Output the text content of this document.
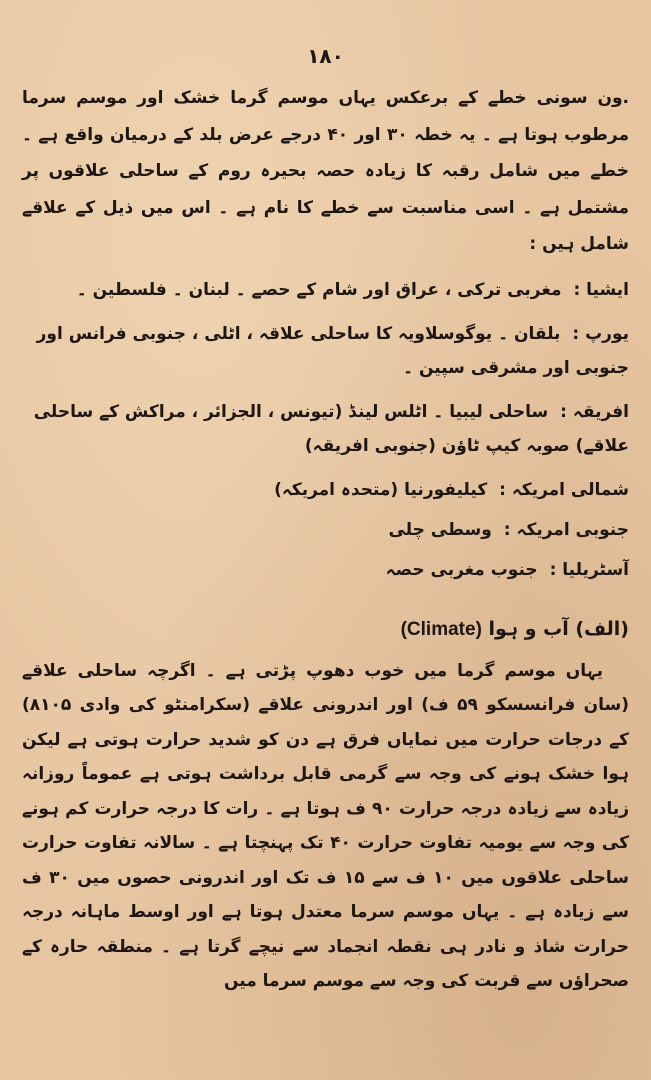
۱۸۰

.ون سونی خطے کے برعکس یہاں موسم گرما خشک اور موسم سرما مرطوب ہوتا ہے ۔ یہ خطہ ۳۰ اور ۴۰ درجے عرض بلد کے درمیان واقع ہے ۔ خطے میں شامل رقبہ کا زیادہ حصہ بحیرہ روم کے ساحلی علاقوں پر مشتمل ہے ۔ اسی مناسبت سے خطے کا نام ہے ۔ اس میں ذیل کے علاقے شامل ہیں :

ایشیا : مغربی ترکی ، عراق اور شام کے حصے ۔ لبنان ۔ فلسطین ۔
یورپ : بلقان ۔ یوگوسلاویہ کا ساحلی علاقہ ، اٹلی ، جنوبی فرانس اور جنوبی اور مشرقی سپین ۔
افریقہ : ساحلی لیبیا ۔ اٹلس لینڈ (تیونس ، الجزائر ، مراکش کے ساحلی علاقے) صوبہ کیپ ٹاؤن (جنوبی افریقہ)
شمالی امریکہ : کیلیفورنیا (متحدہ امریکہ)
جنوبی امریکہ : وسطی چلی
آسٹریلیا : جنوب مغربی حصہ
(الف) آب و ہوا (Climate)

یہاں موسم گرما میں خوب دھوپ پڑتی ہے ۔ اگرچہ ساحلی علاقے (سان فرانسسکو ۵۹ ف) اور اندرونی علاقے (سکرامنٹو کی وادی ۸۱۰۵) کے درجات حرارت میں نمایاں فرق ہے دن کو شدید حرارت ہوتی ہے لیکن ہوا خشک ہونے کی وجہ سے گرمی قابل برداشت ہوتی ہے عموماً روزانہ زیادہ سے زیادہ درجہ حرارت ۹۰ ف ہوتا ہے ۔ رات کا درجہ حرارت کم ہونے کی وجہ سے یومیہ تفاوت حرارت ۴۰ تک پہنچتا ہے ۔ سالانہ تفاوت حرارت ساحلی علاقوں میں ۱۰ ف سے ۱۵ ف تک اور اندرونی حصوں میں ۳۰ ف سے زیادہ ہے ۔ یہاں موسم سرما معتدل ہوتا ہے اور اوسط ماہانہ درجہ حرارت شاذ و نادر ہی نقطہ انجماد سے نیچے گرتا ہے ۔ منطقہ حارہ کے صحراؤں سے قربت کی وجہ سے موسم سرما میں
